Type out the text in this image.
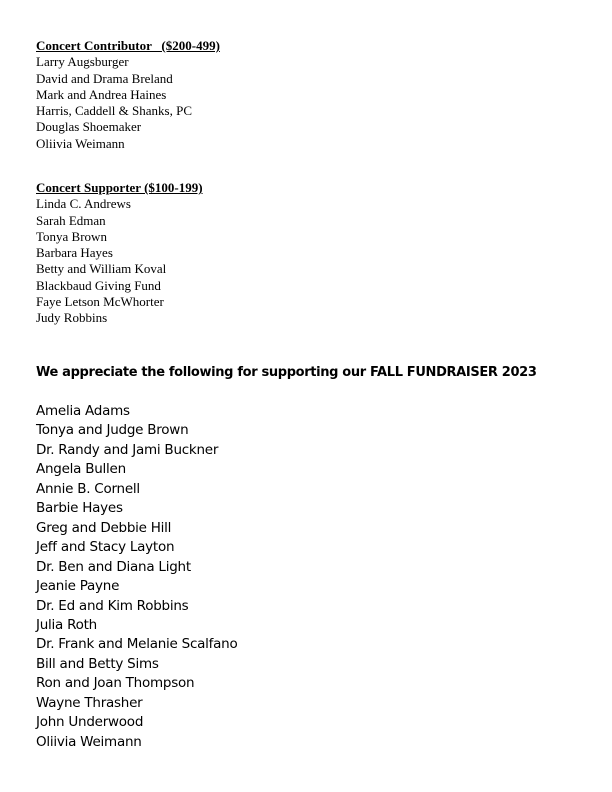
Concert Contributor   ($200-499)
Larry Augsburger
David and Drama Breland
Mark and Andrea Haines
Harris, Caddell & Shanks, PC
Douglas Shoemaker
Oliivia Weimann
Concert Supporter ($100-199)
Linda C. Andrews
Sarah Edman
Tonya Brown
Barbara Hayes
Betty and William Koval
Blackbaud Giving Fund
Faye Letson McWhorter
Judy Robbins
We appreciate the following for supporting our FALL FUNDRAISER 2023
Amelia Adams
Tonya and Judge Brown
Dr. Randy and Jami Buckner
Angela Bullen
Annie B. Cornell
Barbie Hayes
Greg and Debbie Hill
Jeff and Stacy Layton
Dr. Ben and Diana Light
Jeanie Payne
Dr. Ed and Kim Robbins
Julia Roth
Dr. Frank and Melanie Scalfano
Bill and Betty Sims
Ron and Joan Thompson
Wayne Thrasher
John Underwood
Oliivia Weimann
